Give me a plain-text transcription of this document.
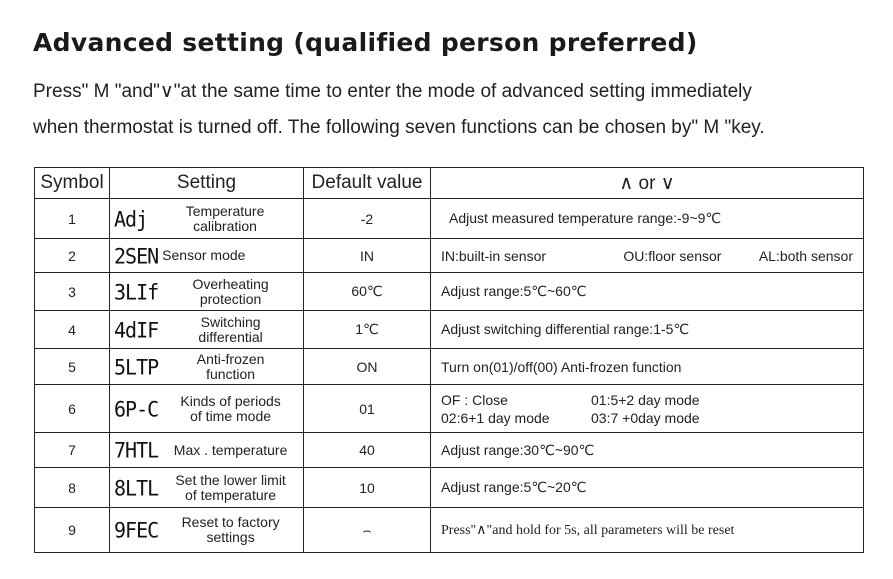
Advanced setting (qualified person preferred)
Press" M "and"∨"at the same time to enter the mode of advanced setting immediately
when thermostat is turned off. The following seven functions can be chosen by" M "key.
Symbol	Setting	Default value	∧ or ∨
1	Adj Temperature
calibration	-2	Adjust measured temperature range:-9~9℃
2	2SEN Sensor mode	IN	IN:built-in sensor OU:floor sensor AL:both sensor

3	3LIf Overheating
protection	60℃	Adjust range:5℃~60℃
4	4dIF Switching
differential	1℃	Adjust switching differential range:1-5℃
5	5LTP Anti-frozen
function	ON	Turn on(01)/off(00) Anti-frozen function
6	6P-C Kinds of periods
of time mode	01	OF : Close 01:5+2 day mode
02:6+1 day mode 03:7 +0day mode

7	7HTL Max . temperature	40	Adjust range:30℃~90℃
8	8LTL Set the lower limit
of temperature	10	Adjust range:5℃~20℃
9	9FEC Reset to factory
settings	⌢	Press"∧"and hold for 5s, all parameters will be reset
